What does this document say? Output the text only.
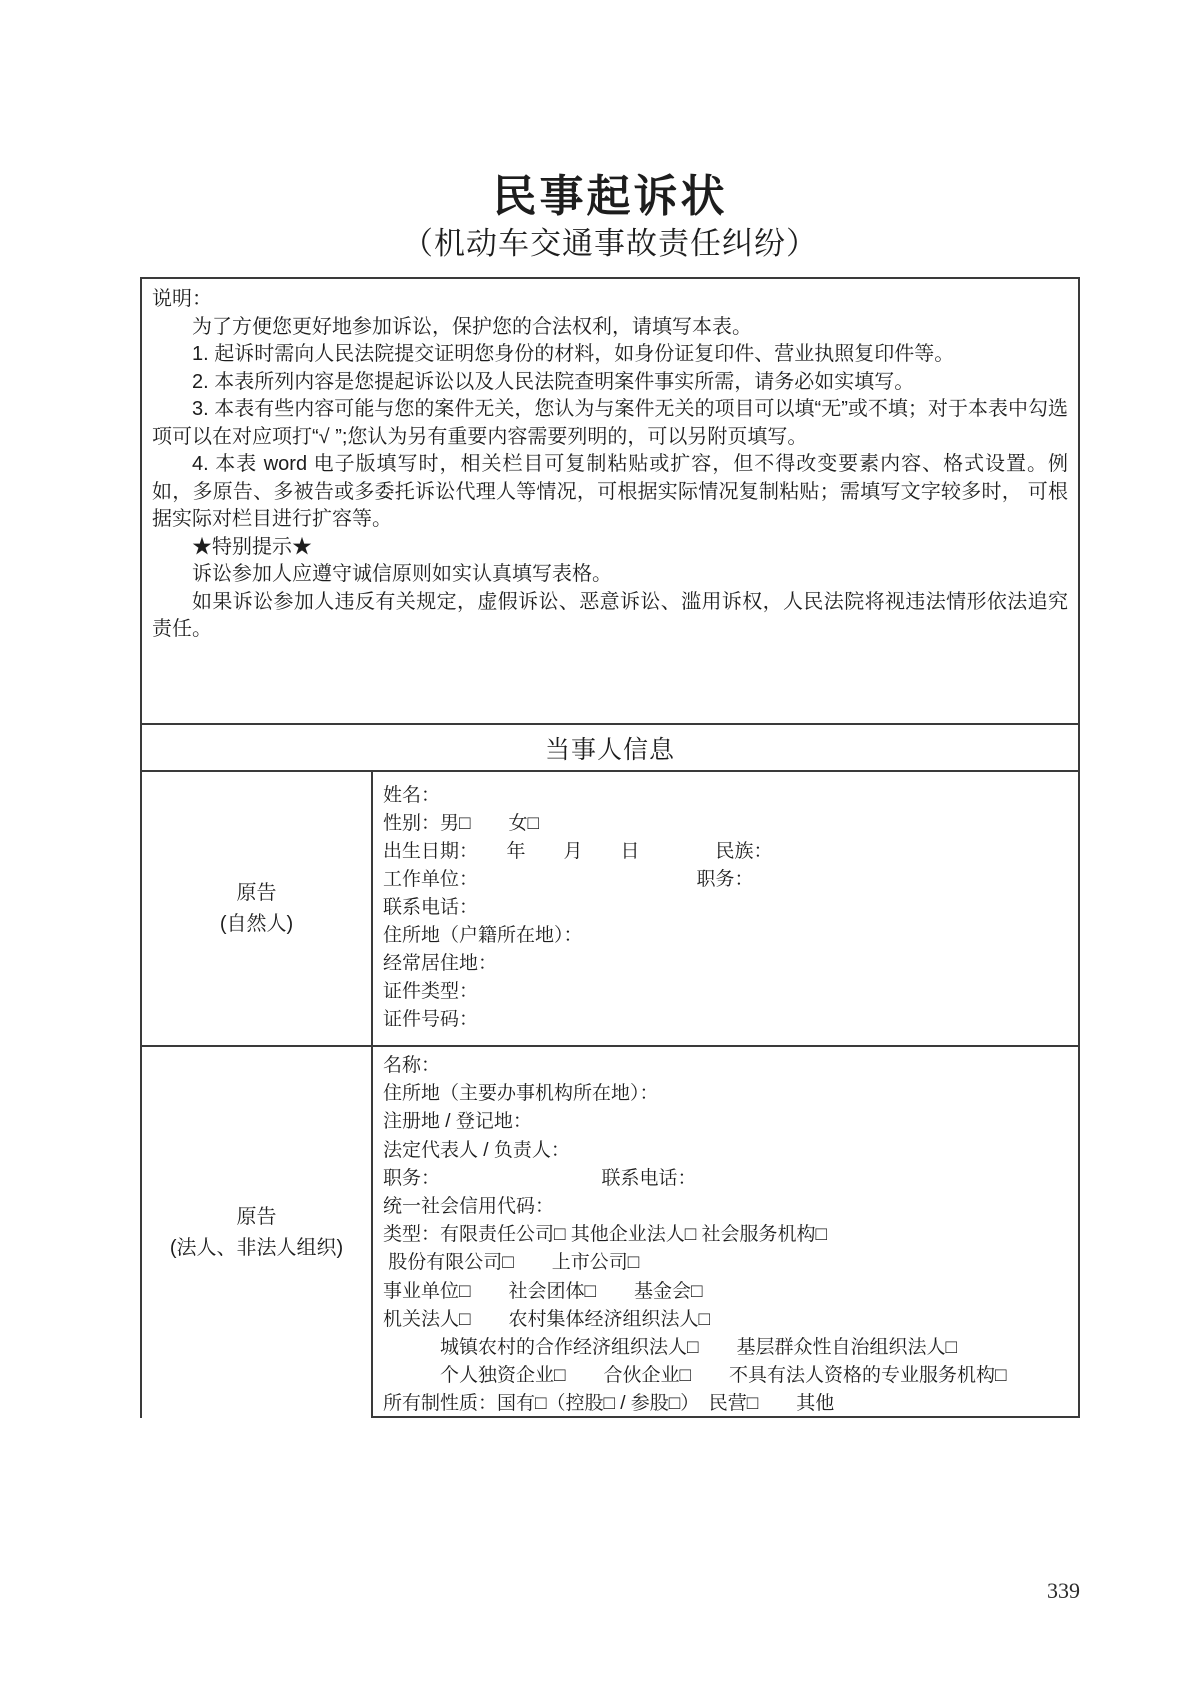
民事起诉状
（机动车交通事故责任纠纷）

说明：

为了方便您更好地参加诉讼，保护您的合法权利，请填写本表。

1. 起诉时需向人民法院提交证明您身份的材料，如身份证复印件、营业执照复印件等。

2. 本表所列内容是您提起诉讼以及人民法院查明案件事实所需，请务必如实填写。

3. 本表有些内容可能与您的案件无关，您认为与案件无关的项目可以填“无”或不填；对于本表中勾选项可以在对应项打“√ ”;您认为另有重要内容需要列明的，可以另附页填写。

4. 本表 word 电子版填写时，相关栏目可复制粘贴或扩容，但不得改变要素内容、格式设置。例 如，多原告、多被告或多委托诉讼代理人等情况，可根据实际情况复制粘贴；需填写文字较多时， 可根据实际对栏目进行扩容等。

★特别提示★

诉讼参加人应遵守诚信原则如实认真填写表格。

如果诉讼参加人违反有关规定，虚假诉讼、恶意诉讼、滥用诉权，人民法院将视违法情形依法追究责任。

当事人信息
原告
(自然人)
姓名：
性别：男□　　女□
出生日期：　　年　　月　　日　　　　民族：
工作单位：　　　　　　　　　　　　职务：
联系电话：
住所地（户籍所在地）：
经常居住地：
证件类型：
证件号码：
原告
(法人、非法人组织)
名称：
住所地（主要办事机构所在地）：
注册地 / 登记地：
法定代表人 / 负责人：
职务：　　　　　　　　　联系电话：
统一社会信用代码：
类型：有限责任公司□ 其他企业法人□ 社会服务机构□
股份有限公司□　　上市公司□
事业单位□　　社会团体□　　基金会□
机关法人□　　农村集体经济组织法人□
　　　城镇农村的合作经济组织法人□　　基层群众性自治组织法人□
　　　个人独资企业□　　合伙企业□　　不具有法人资格的专业服务机构□
所有制性质：国有□（控股□ / 参股□）　民营□　　其他
339
